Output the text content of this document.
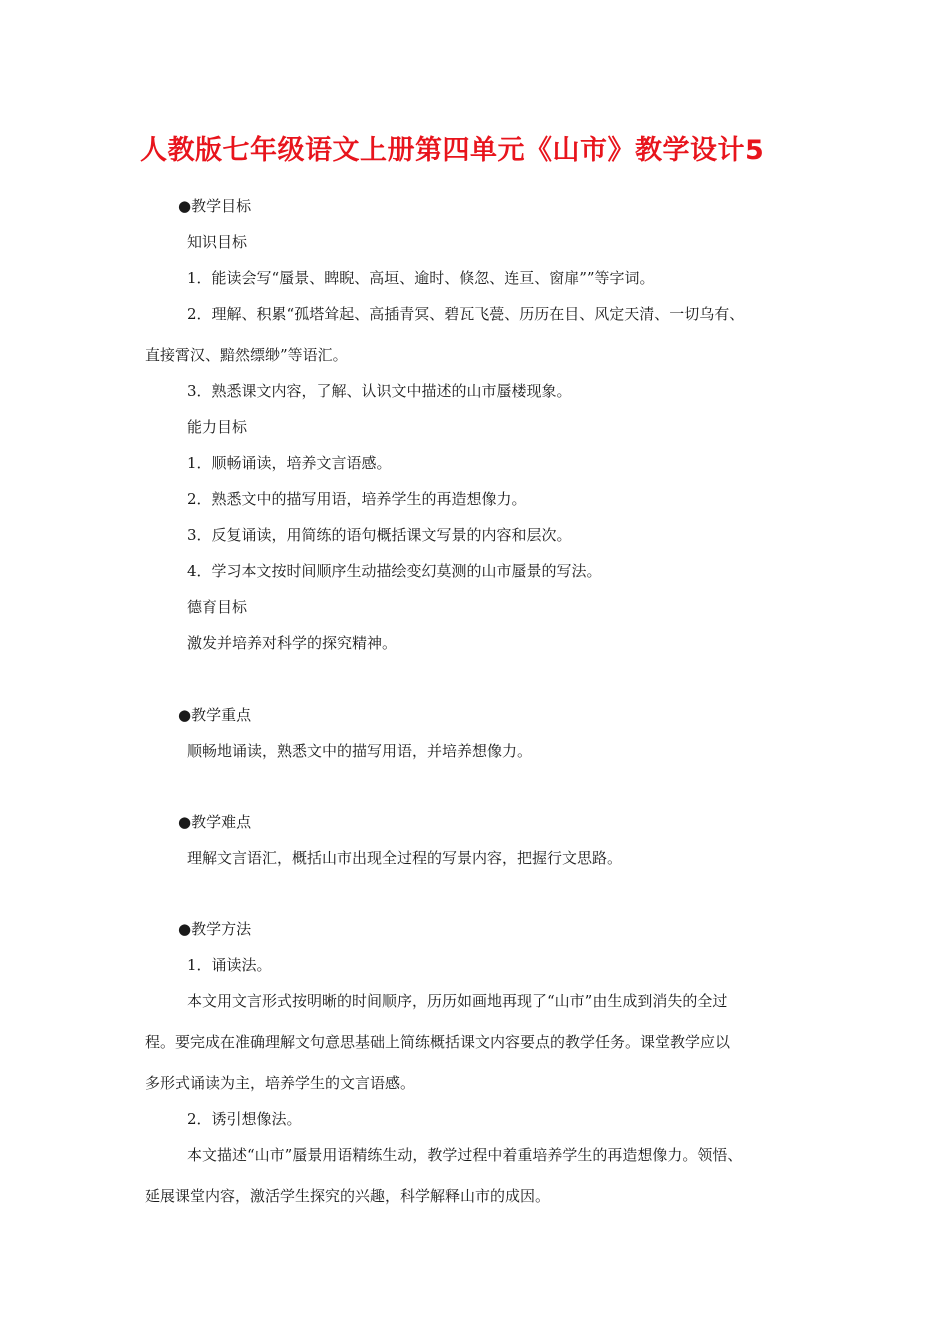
人教版七年级语文上册第四单元《山市》教学设计5
●教学目标
知识目标
1．能读会写“蜃景、睥睨、高垣、逾时、倏忽、连亘、窗扉””等字词。
2．理解、积累“孤塔耸起、高插青冥、碧瓦飞甍、历历在目、风定天清、一切乌有、
直接霄汉、黯然缥缈”等语汇。
3．熟悉课文内容，了解、认识文中描述的山市蜃楼现象。
能力目标
1．顺畅诵读，培养文言语感。
2．熟悉文中的描写用语，培养学生的再造想像力。
3．反复诵读，用简练的语句概括课文写景的内容和层次。
4．学习本文按时间顺序生动描绘变幻莫测的山市蜃景的写法。
德育目标
激发并培养对科学的探究精神。
●教学重点
顺畅地诵读，熟悉文中的描写用语，并培养想像力。
●教学难点
理解文言语汇，概括山市出现全过程的写景内容，把握行文思路。
●教学方法
1．诵读法。
本文用文言形式按明晰的时间顺序，历历如画地再现了“山市”由生成到消失的全过
程。要完成在准确理解文句意思基础上简练概括课文内容要点的教学任务。课堂教学应以
多形式诵读为主，培养学生的文言语感。
2．诱引想像法。
本文描述“山市”蜃景用语精练生动，教学过程中着重培养学生的再造想像力。领悟、
延展课堂内容，激活学生探究的兴趣，科学解释山市的成因。
